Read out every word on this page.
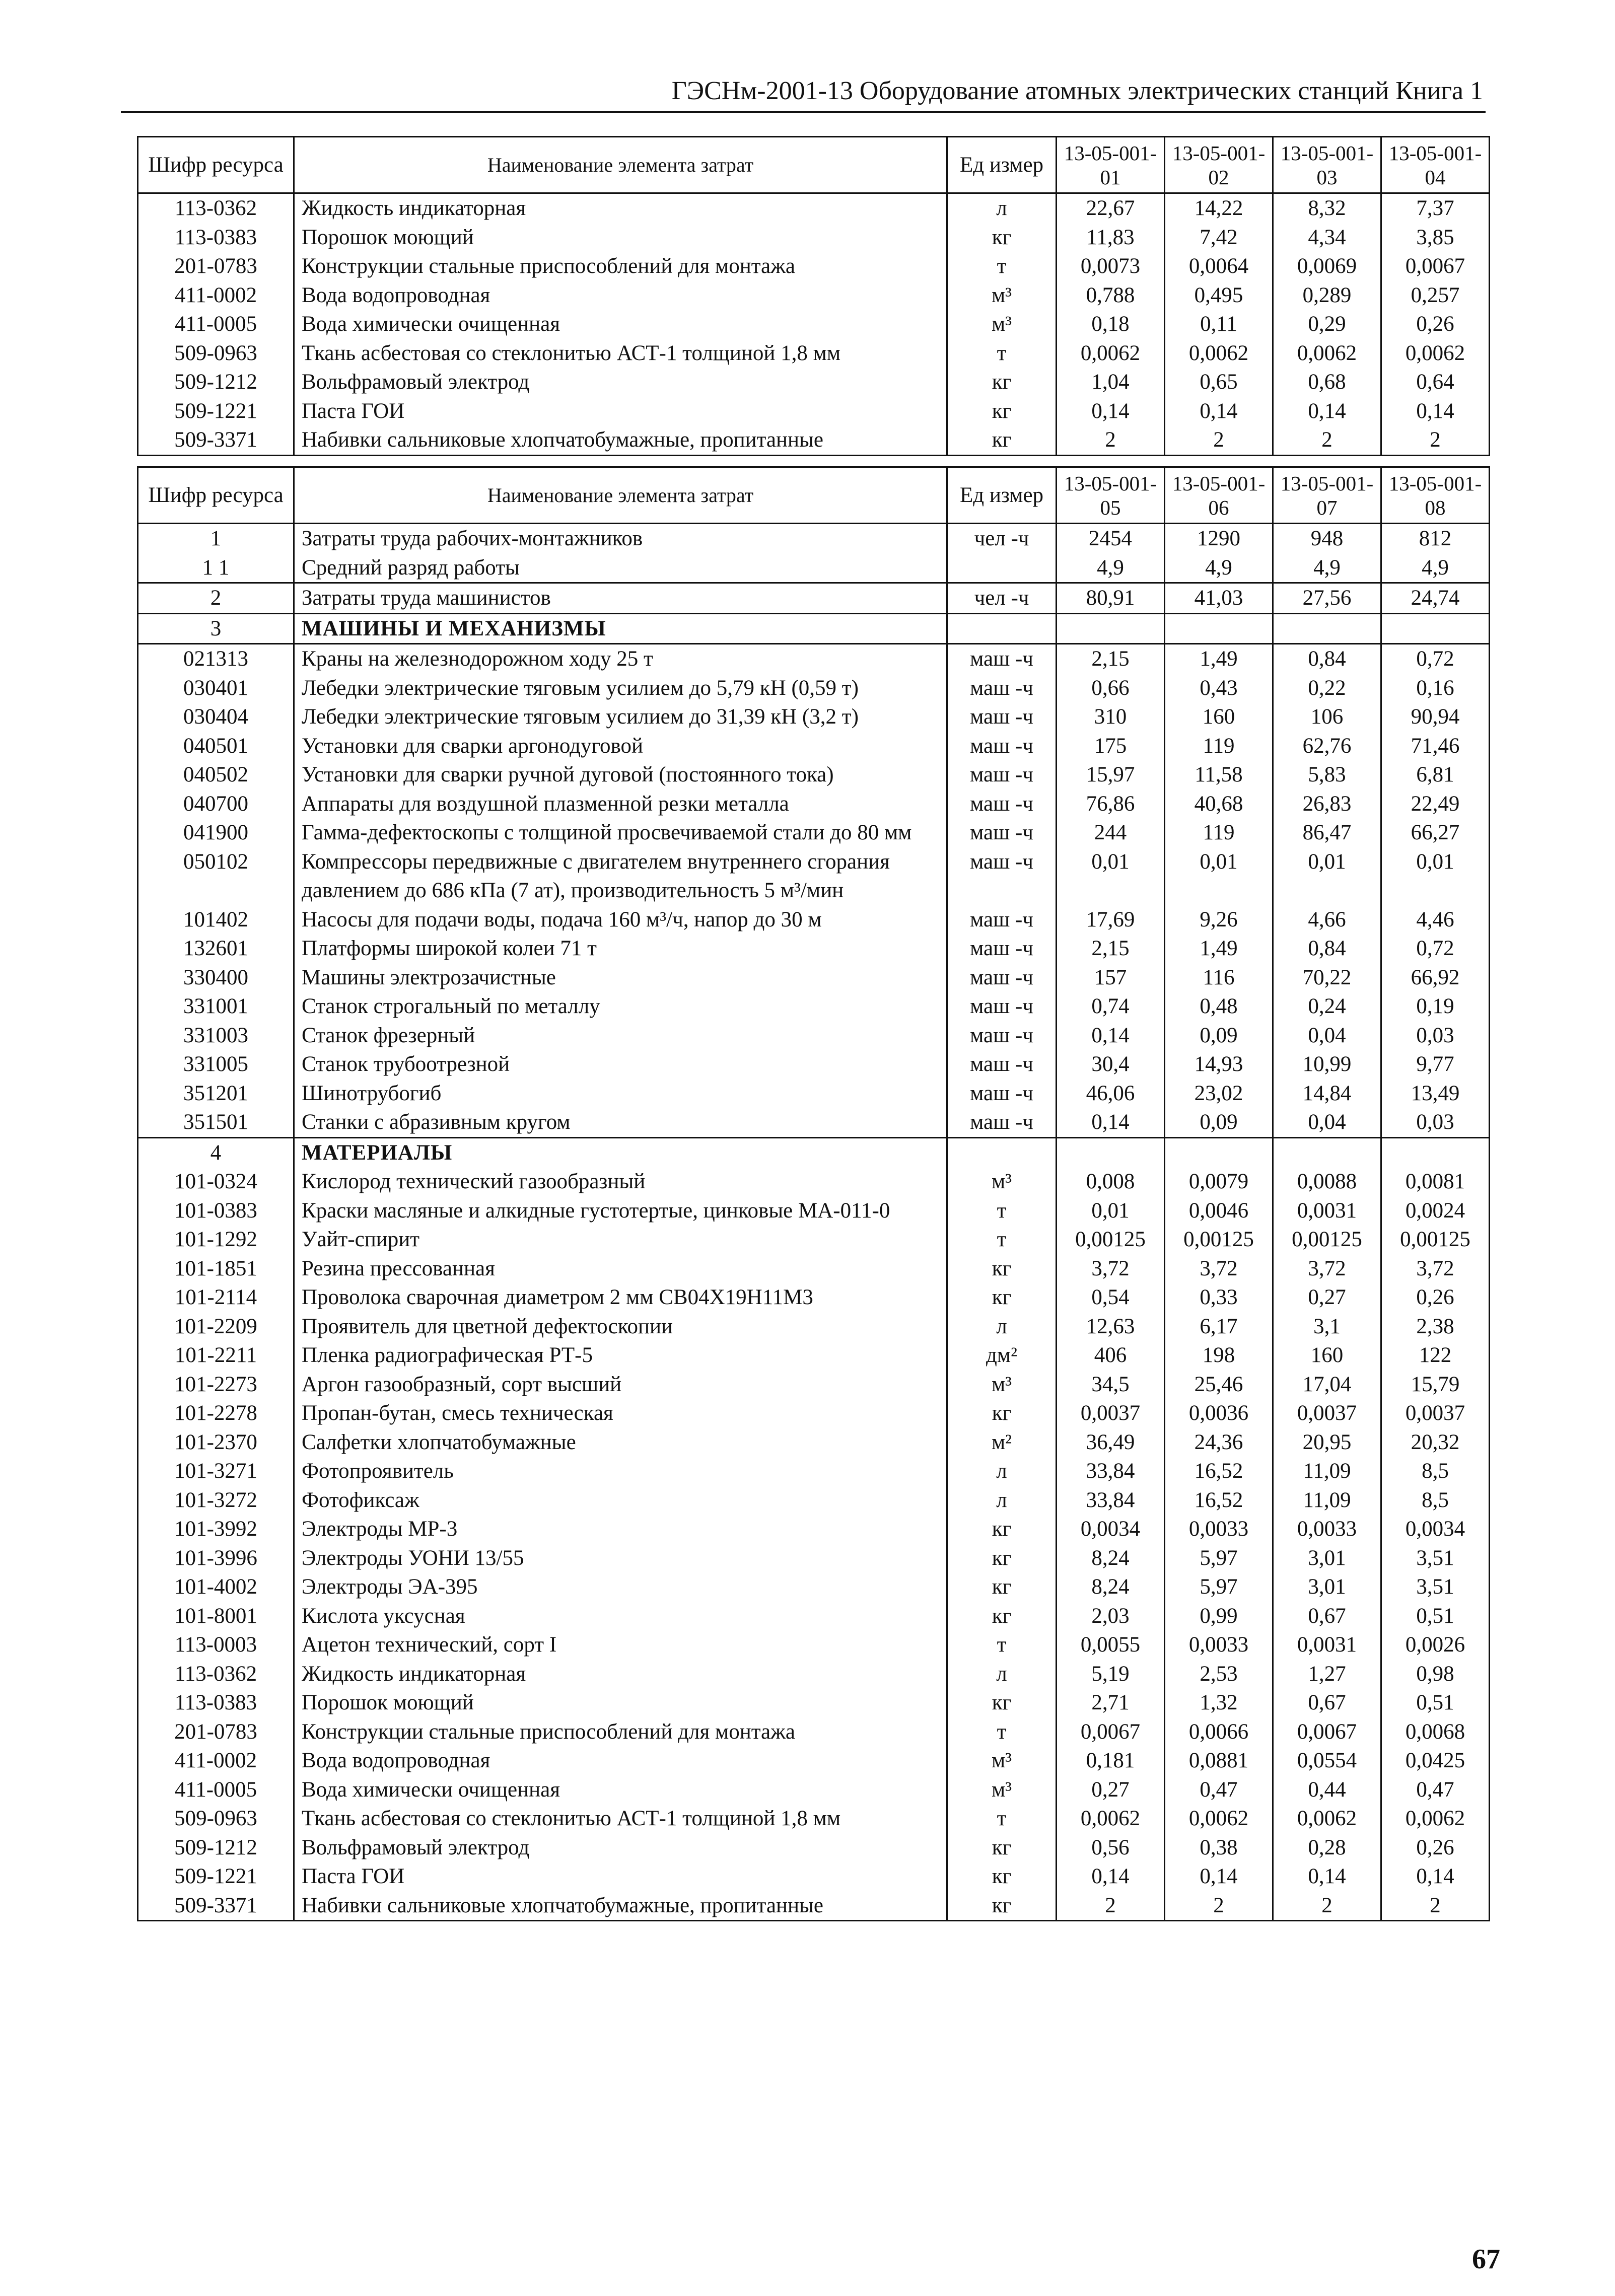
ГЭСНм-2001-13 Оборудование атомных электрических станций Книга 1
Шифр ресурса	Наименование элемента затрат	Ед измер	13-05-001-01	13-05-001-02	13-05-001-03	13-05-001-04
113-0362	Жидкость индикаторная	л	22,67	14,22	8,32	7,37
113-0383	Порошок моющий	кг	11,83	7,42	4,34	3,85
201-0783	Конструкции стальные приспособлений для монтажа	т	0,0073	0,0064	0,0069	0,0067
411-0002	Вода водопроводная	м³	0,788	0,495	0,289	0,257
411-0005	Вода химически очищенная	м³	0,18	0,11	0,29	0,26
509-0963	Ткань асбестовая со стеклонитью АСТ-1 толщиной 1,8 мм	т	0,0062	0,0062	0,0062	0,0062
509-1212	Вольфрамовый электрод	кг	1,04	0,65	0,68	0,64
509-1221	Паста ГОИ	кг	0,14	0,14	0,14	0,14
509-3371	Набивки сальниковые хлопчатобумажные, пропитанные	кг	2	2	2	2
Шифр ресурса	Наименование элемента затрат	Ед измер	13-05-001-05	13-05-001-06	13-05-001-07	13-05-001-08
1	Затраты труда рабочих-монтажников	чел -ч	2454	1290	948	812
1 1	Средний разряд работы		4,9	4,9	4,9	4,9
2	Затраты труда машинистов	чел -ч	80,91	41,03	27,56	24,74
3	МАШИНЫ И МЕХАНИЗМЫ					
021313	Краны на железнодорожном ходу 25 т	маш -ч	2,15	1,49	0,84	0,72
030401	Лебедки электрические тяговым усилием до 5,79 кН (0,59 т)	маш -ч	0,66	0,43	0,22	0,16
030404	Лебедки электрические тяговым усилием до 31,39 кН (3,2 т)	маш -ч	310	160	106	90,94
040501	Установки для сварки аргонодуговой	маш -ч	175	119	62,76	71,46
040502	Установки для сварки ручной дуговой (постоянного тока)	маш -ч	15,97	11,58	5,83	6,81
040700	Аппараты для воздушной плазменной резки металла	маш -ч	76,86	40,68	26,83	22,49
041900	Гамма-дефектоскопы с толщиной просвечиваемой стали до 80 мм	маш -ч	244	119	86,47	66,27
050102	Компрессоры передвижные с двигателем внутреннего сгорания давлением до 686 кПа (7 ат), производительность 5 м³/мин	маш -ч	0,01	0,01	0,01	0,01
101402	Насосы для подачи воды, подача 160 м³/ч, напор до 30 м	маш -ч	17,69	9,26	4,66	4,46
132601	Платформы широкой колеи 71 т	маш -ч	2,15	1,49	0,84	0,72
330400	Машины электрозачистные	маш -ч	157	116	70,22	66,92
331001	Станок строгальный по металлу	маш -ч	0,74	0,48	0,24	0,19
331003	Станок фрезерный	маш -ч	0,14	0,09	0,04	0,03
331005	Станок трубоотрезной	маш -ч	30,4	14,93	10,99	9,77
351201	Шинотрубогиб	маш -ч	46,06	23,02	14,84	13,49
351501	Станки с абразивным кругом	маш -ч	0,14	0,09	0,04	0,03
4	МАТЕРИАЛЫ					
101-0324	Кислород технический газообразный	м³	0,008	0,0079	0,0088	0,0081
101-0383	Краски масляные и алкидные густотертые, цинковые МА-011-0	т	0,01	0,0046	0,0031	0,0024
101-1292	Уайт-спирит	т	0,00125	0,00125	0,00125	0,00125
101-1851	Резина прессованная	кг	3,72	3,72	3,72	3,72
101-2114	Проволока сварочная диаметром 2 мм СВ04Х19Н11М3	кг	0,54	0,33	0,27	0,26
101-2209	Проявитель для цветной дефектоскопии	л	12,63	6,17	3,1	2,38
101-2211	Пленка радиографическая РТ-5	дм²	406	198	160	122
101-2273	Аргон газообразный, сорт высший	м³	34,5	25,46	17,04	15,79
101-2278	Пропан-бутан, смесь техническая	кг	0,0037	0,0036	0,0037	0,0037
101-2370	Салфетки хлопчатобумажные	м²	36,49	24,36	20,95	20,32
101-3271	Фотопроявитель	л	33,84	16,52	11,09	8,5
101-3272	Фотофиксаж	л	33,84	16,52	11,09	8,5
101-3992	Электроды МР-3	кг	0,0034	0,0033	0,0033	0,0034
101-3996	Электроды УОНИ 13/55	кг	8,24	5,97	3,01	3,51
101-4002	Электроды ЭА-395	кг	8,24	5,97	3,01	3,51
101-8001	Кислота уксусная	кг	2,03	0,99	0,67	0,51
113-0003	Ацетон технический, сорт I	т	0,0055	0,0033	0,0031	0,0026
113-0362	Жидкость индикаторная	л	5,19	2,53	1,27	0,98
113-0383	Порошок моющий	кг	2,71	1,32	0,67	0,51
201-0783	Конструкции стальные приспособлений для монтажа	т	0,0067	0,0066	0,0067	0,0068
411-0002	Вода водопроводная	м³	0,181	0,0881	0,0554	0,0425
411-0005	Вода химически очищенная	м³	0,27	0,47	0,44	0,47
509-0963	Ткань асбестовая со стеклонитью АСТ-1 толщиной 1,8 мм	т	0,0062	0,0062	0,0062	0,0062
509-1212	Вольфрамовый электрод	кг	0,56	0,38	0,28	0,26
509-1221	Паста ГОИ	кг	0,14	0,14	0,14	0,14
509-3371	Набивки сальниковые хлопчатобумажные, пропитанные	кг	2	2	2	2
67
